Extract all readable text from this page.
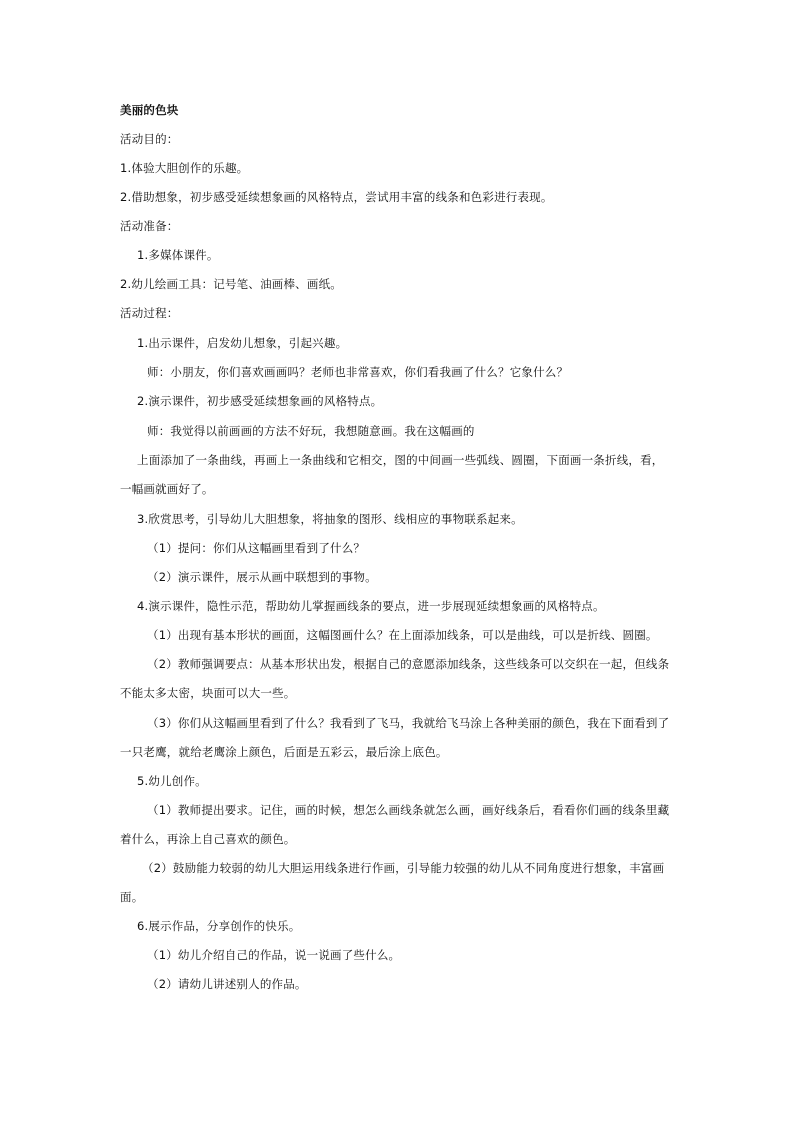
美丽的色块
活动目的：
1.体验大胆创作的乐趣。
2.借助想象，初步感受延续想象画的风格特点，尝试用丰富的线条和色彩进行表现。
活动准备：
1.多媒体课件。
2.幼儿绘画工具：记号笔、油画棒、画纸。
活动过程：
1.出示课件，启发幼儿想象，引起兴趣。
师：小朋友，你们喜欢画画吗？老师也非常喜欢，你们看我画了什么？它象什么？
2.演示课件，初步感受延续想象画的风格特点。
师：我觉得以前画画的方法不好玩，我想随意画。我在这幅画的
上面添加了一条曲线，再画上一条曲线和它相交，图的中间画一些弧线、圆圈，下面画一条折线，看，
一幅画就画好了。
3.欣赏思考，引导幼儿大胆想象，将抽象的图形、线相应的事物联系起来。
（1）提问：你们从这幅画里看到了什么？
（2）演示课件，展示从画中联想到的事物。
4.演示课件，隐性示范，帮助幼儿掌握画线条的要点，进一步展现延续想象画的风格特点。
（1）出现有基本形状的画面，这幅图画什么？在上面添加线条，可以是曲线，可以是折线、圆圈。
（2）教师强调要点：从基本形状出发，根据自己的意愿添加线条，这些线条可以交织在一起，但线条
不能太多太密，块面可以大一些。
（3）你们从这幅画里看到了什么？我看到了飞马，我就给飞马涂上各种美丽的颜色，我在下面看到了
一只老鹰，就给老鹰涂上颜色，后面是五彩云，最后涂上底色。
5.幼儿创作。
（1）教师提出要求。记住，画的时候，想怎么画线条就怎么画，画好线条后，看看你们画的线条里藏
着什么，再涂上自己喜欢的颜色。
（2）鼓励能力较弱的幼儿大胆运用线条进行作画，引导能力较强的幼儿从不同角度进行想象，丰富画
面。
6.展示作品，分享创作的快乐。
（1）幼儿介绍自己的作品，说一说画了些什么。
（2）请幼儿讲述别人的作品。
